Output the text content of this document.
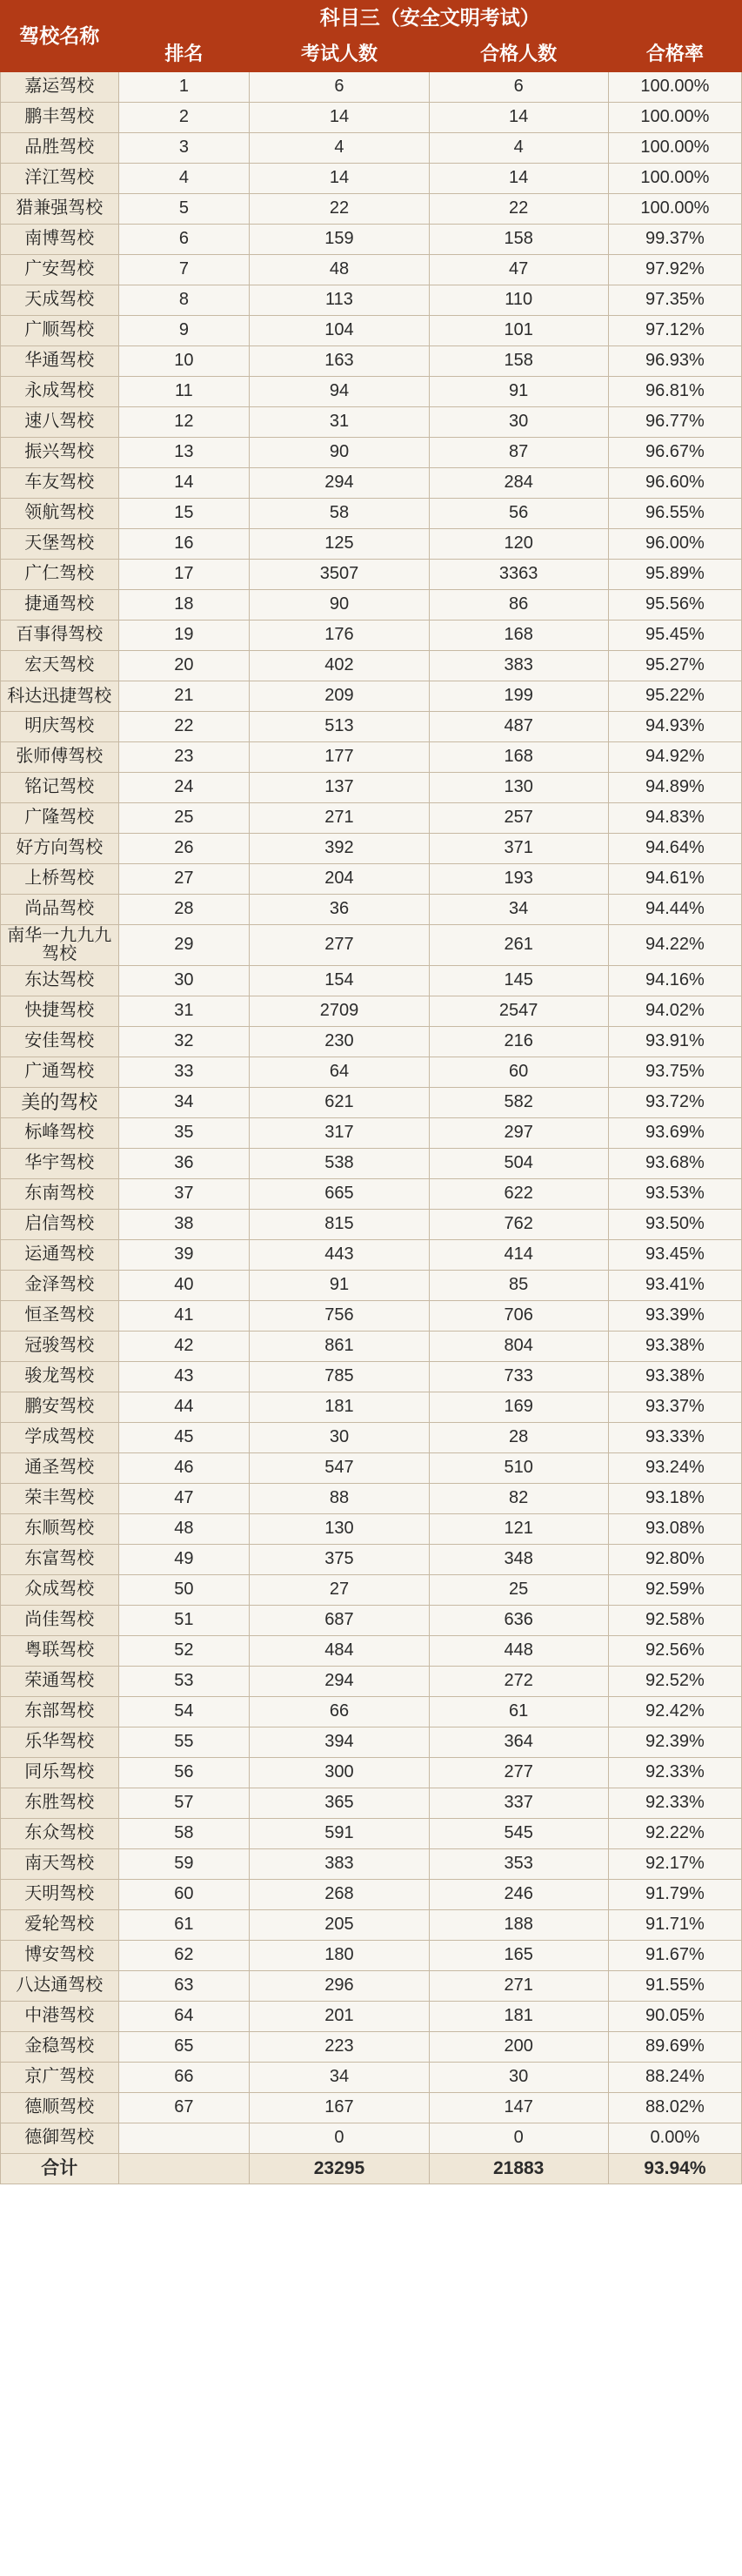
驾校名称	科目三（安全文明考试）			
	排名	考试人数	合格人数	合格率
嘉运驾校	1	6	6	100.00%
鹏丰驾校	2	14	14	100.00%
品胜驾校	3	4	4	100.00%
洋江驾校	4	14	14	100.00%
猎兼强驾校	5	22	22	100.00%
南博驾校	6	159	158	99.37%
广安驾校	7	48	47	97.92%
天成驾校	8	113	110	97.35%
广顺驾校	9	104	101	97.12%
华通驾校	10	163	158	96.93%
永成驾校	11	94	91	96.81%
速八驾校	12	31	30	96.77%
振兴驾校	13	90	87	96.67%
车友驾校	14	294	284	96.60%
领航驾校	15	58	56	96.55%
天堡驾校	16	125	120	96.00%
广仁驾校	17	3507	3363	95.89%
捷通驾校	18	90	86	95.56%
百事得驾校	19	176	168	95.45%
宏天驾校	20	402	383	95.27%
科达迅捷驾校	21	209	199	95.22%
明庆驾校	22	513	487	94.93%
张师傅驾校	23	177	168	94.92%
铭记驾校	24	137	130	94.89%
广隆驾校	25	271	257	94.83%
好方向驾校	26	392	371	94.64%
上桥驾校	27	204	193	94.61%
尚品驾校	28	36	34	94.44%
南华一九九九驾校	29	277	261	94.22%
东达驾校	30	154	145	94.16%
快捷驾校	31	2709	2547	94.02%
安佳驾校	32	230	216	93.91%
广通驾校	33	64	60	93.75%
美的驾校	34	621	582	93.72%
标峰驾校	35	317	297	93.69%
华宇驾校	36	538	504	93.68%
东南驾校	37	665	622	93.53%
启信驾校	38	815	762	93.50%
运通驾校	39	443	414	93.45%
金泽驾校	40	91	85	93.41%
恒圣驾校	41	756	706	93.39%
冠骏驾校	42	861	804	93.38%
骏龙驾校	43	785	733	93.38%
鹏安驾校	44	181	169	93.37%
学成驾校	45	30	28	93.33%
通圣驾校	46	547	510	93.24%
荣丰驾校	47	88	82	93.18%
东顺驾校	48	130	121	93.08%
东富驾校	49	375	348	92.80%
众成驾校	50	27	25	92.59%
尚佳驾校	51	687	636	92.58%
粤联驾校	52	484	448	92.56%
荣通驾校	53	294	272	92.52%
东部驾校	54	66	61	92.42%
乐华驾校	55	394	364	92.39%
同乐驾校	56	300	277	92.33%
东胜驾校	57	365	337	92.33%
东众驾校	58	591	545	92.22%
南天驾校	59	383	353	92.17%
天明驾校	60	268	246	91.79%
爱轮驾校	61	205	188	91.71%
博安驾校	62	180	165	91.67%
八达通驾校	63	296	271	91.55%
中港驾校	64	201	181	90.05%
金稳驾校	65	223	200	89.69%
京广驾校	66	34	30	88.24%
德顺驾校	67	167	147	88.02%
德御驾校		0	0	0.00%
合计		23295	21883	93.94%
